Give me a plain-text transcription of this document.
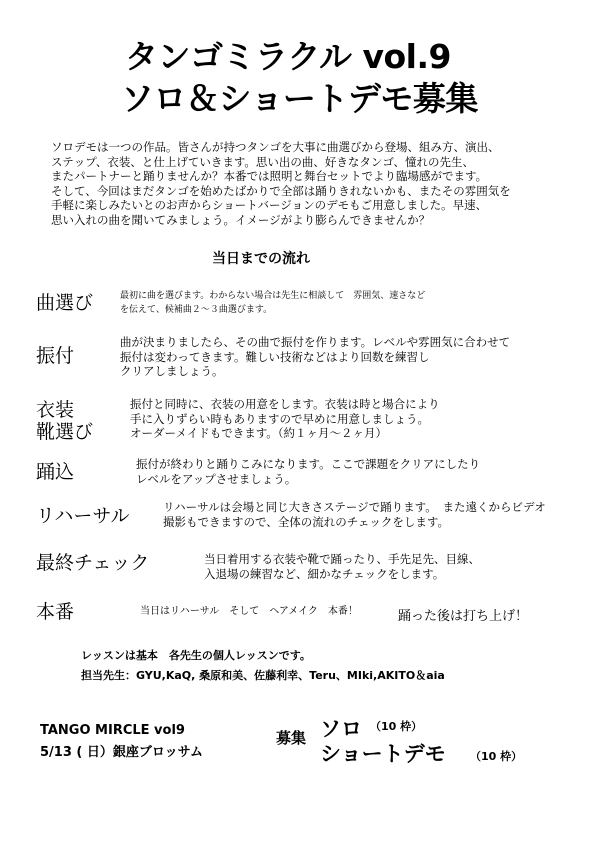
タンゴミラクル vol.9
ソロ＆ショートデモ募集
ソロデモは一つの作品。皆さんが持つタンゴを大事に曲選びから登場、組み方、演出、
ステップ、衣装、と仕上げていきます。思い出の曲、好きなタンゴ、憧れの先生、
またパートナーと踊りませんか？本番では照明と舞台セットでより臨場感がでます。
そして、今回はまだタンゴを始めたばかりで全部は踊りきれないかも、またその雰囲気を
手軽に楽しみたいとのお声からショートバージョンのデモもご用意しました。早速、
思い入れの曲を聞いてみましょう。イメージがより膨らんできませんか？
当日までの流れ
曲選び	最初に曲を選びます。わからない場合は先生に相談して　雰囲気、速さなど
を伝えて、候補曲２～３曲選びます。
振付
曲が決まりましたら、その曲で振付を作ります。レベルや雰囲気に合わせて
振付は変わってきます。難しい技術などはより回数を練習し
クリアしましょう。
衣装
靴選び
振付と同時に、衣装の用意をします。衣装は時と場合により
手に入りずらい時もありますので早めに用意しましょう。
オーダーメイドもできます。（約１ヶ月～２ヶ月）
踊込	振付が終わりと踊りこみになります。ここで課題をクリアにしたり
レベルをアップさせましょう。
リハーサル	リハーサルは会場と同じ大きさステージで踊ります。　また遠くからビデオ
撮影もできますので、全体の流れのチェックをします。
最終チェック	当日着用する衣装や靴で踊ったり、手先足先、目線、
入退場の練習など、細かなチェックをします。
本番	当日はリハーサル　そして　ヘアメイク　本番！	踊った後は打ち上げ！
レッスンは基本　各先生の個人レッスンです。
担当先生：GYU,KaQ, 桑原和美、佐藤利幸、Teru、MIki,AKITO＆aia
TANGO MIRCLE vol9
5/13 ( 日）銀座ブロッサム
募集 ソロ （10 枠）
ショートデモ （10 枠）
